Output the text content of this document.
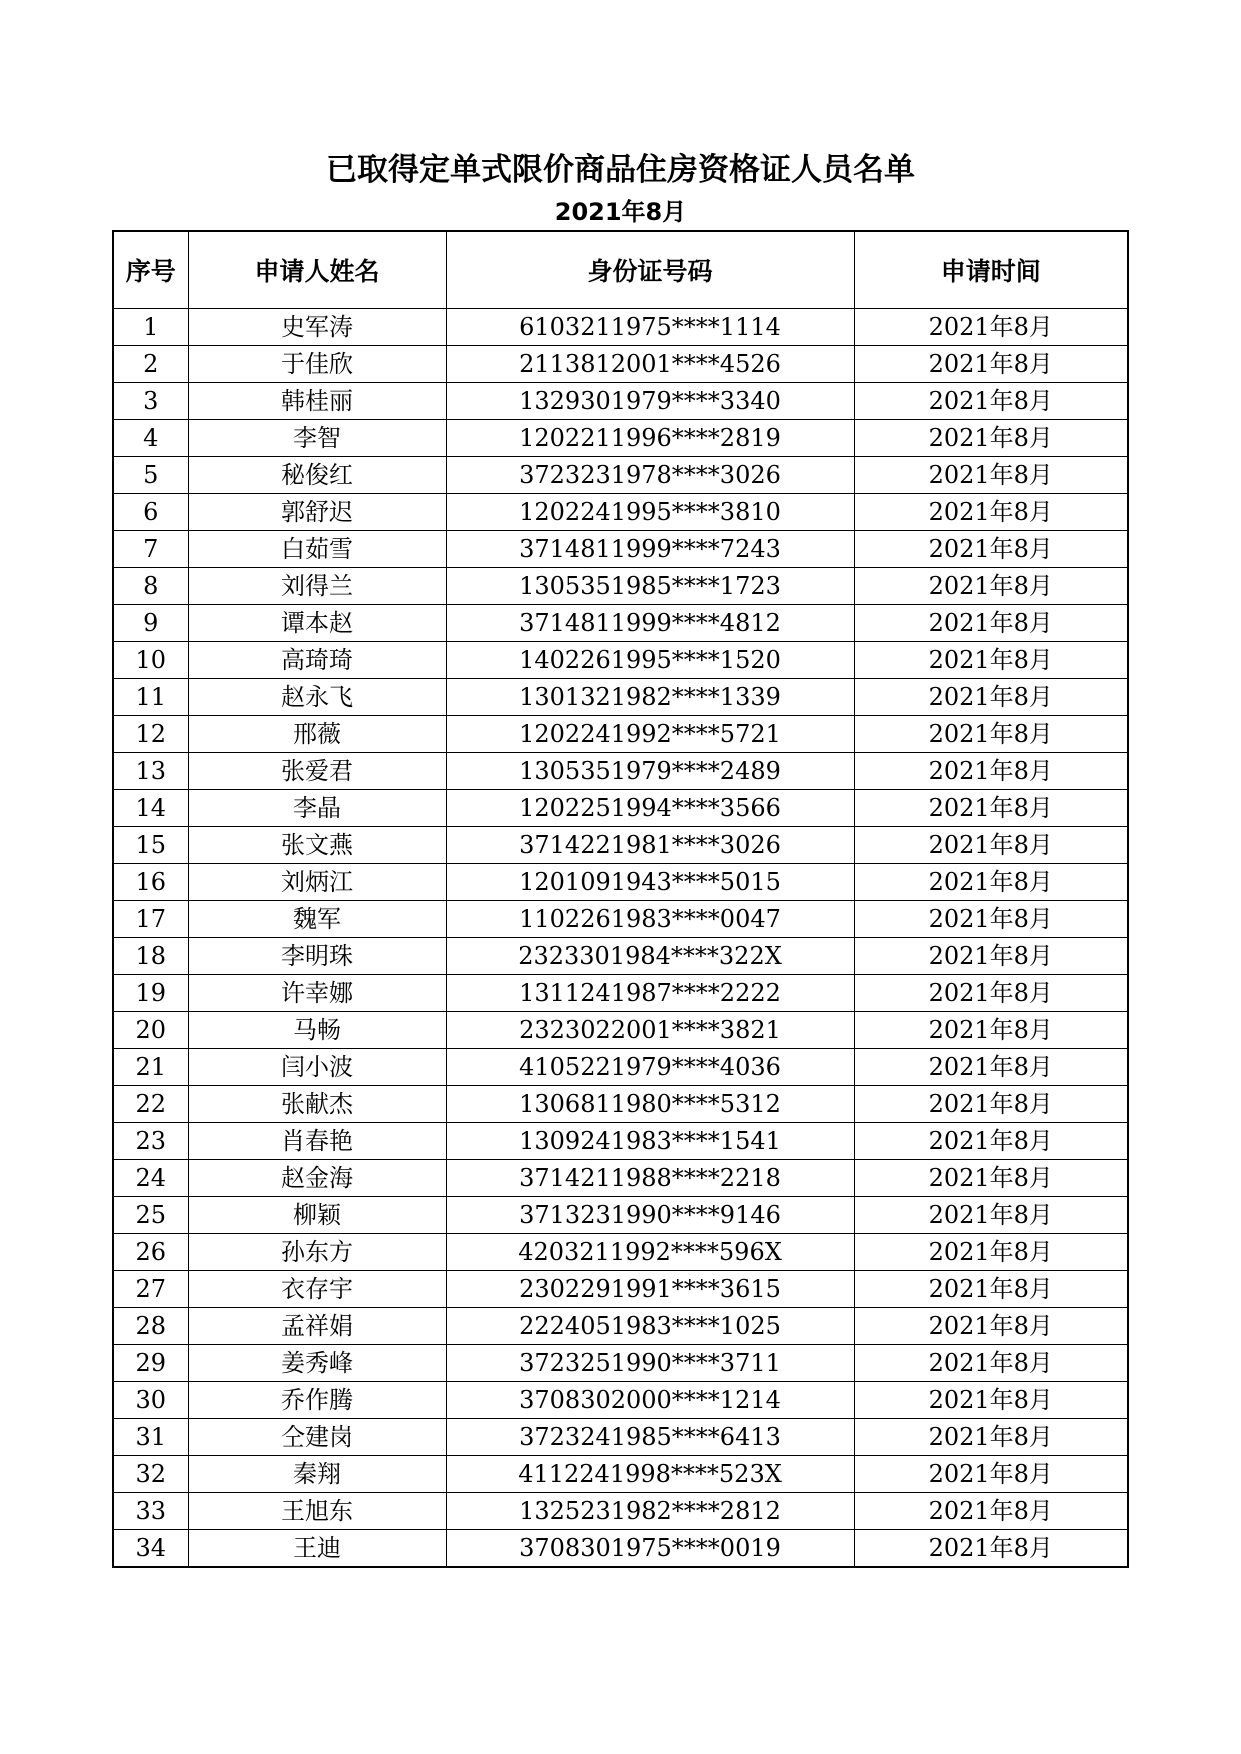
已取得定单式限价商品住房资格证人员名单
2021年8月
序号	申请人姓名	身份证号码	申请时间
1	史军涛	6103211975****1114	2021年8月
2	于佳欣	2113812001****4526	2021年8月
3	韩桂丽	1329301979****3340	2021年8月
4	李智	1202211996****2819	2021年8月
5	秘俊红	3723231978****3026	2021年8月
6	郭舒迟	1202241995****3810	2021年8月
7	白茹雪	3714811999****7243	2021年8月
8	刘得兰	1305351985****1723	2021年8月
9	谭本赵	3714811999****4812	2021年8月
10	高琦琦	1402261995****1520	2021年8月
11	赵永飞	1301321982****1339	2021年8月
12	邢薇	1202241992****5721	2021年8月
13	张爱君	1305351979****2489	2021年8月
14	李晶	1202251994****3566	2021年8月
15	张文燕	3714221981****3026	2021年8月
16	刘炳江	1201091943****5015	2021年8月
17	魏军	1102261983****0047	2021年8月
18	李明珠	2323301984****322X	2021年8月
19	许幸娜	1311241987****2222	2021年8月
20	马畅	2323022001****3821	2021年8月
21	闫小波	4105221979****4036	2021年8月
22	张献杰	1306811980****5312	2021年8月
23	肖春艳	1309241983****1541	2021年8月
24	赵金海	3714211988****2218	2021年8月
25	柳颖	3713231990****9146	2021年8月
26	孙东方	4203211992****596X	2021年8月
27	衣存宇	2302291991****3615	2021年8月
28	孟祥娟	2224051983****1025	2021年8月
29	姜秀峰	3723251990****3711	2021年8月
30	乔作腾	3708302000****1214	2021年8月
31	仝建岗	3723241985****6413	2021年8月
32	秦翔	4112241998****523X	2021年8月
33	王旭东	1325231982****2812	2021年8月
34	王迪	3708301975****0019	2021年8月
